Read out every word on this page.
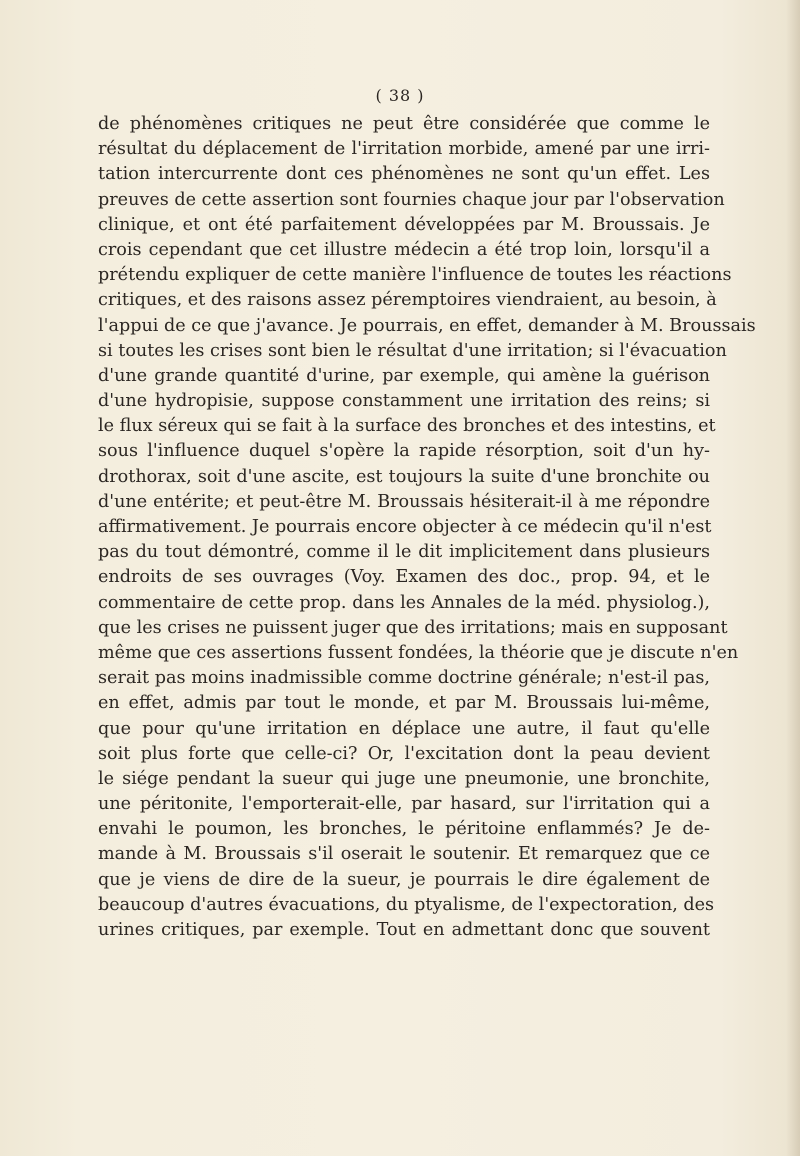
( 38 )
de phénomènes critiques ne peut être considérée que comme le
résultat du déplacement de l'irritation morbide, amené par une irri-
tation intercurrente dont ces phénomènes ne sont qu'un effet. Les
preuves de cette assertion sont fournies chaque jour par l'observation
clinique, et ont été parfaitement développées par M. Broussais. Je
crois cependant que cet illustre médecin a été trop loin, lorsqu'il a
prétendu expliquer de cette manière l'influence de toutes les réactions
critiques, et des raisons assez péremptoires viendraient, au besoin, à
l'appui de ce que j'avance. Je pourrais, en effet, demander à M. Broussais
si toutes les crises sont bien le résultat d'une irritation; si l'évacuation
d'une grande quantité d'urine, par exemple, qui amène la guérison
d'une hydropisie, suppose constamment une irritation des reins; si
le flux séreux qui se fait à la surface des bronches et des intestins, et
sous l'influence duquel s'opère la rapide résorption, soit d'un hy-
drothorax, soit d'une ascite, est toujours la suite d'une bronchite ou
d'une entérite; et peut-être M. Broussais hésiterait-il à me répondre
affirmativement. Je pourrais encore objecter à ce médecin qu'il n'est
pas du tout démontré, comme il le dit implicitement dans plusieurs
endroits de ses ouvrages (Voy. Examen des doc., prop. 94, et le
commentaire de cette prop. dans les Annales de la méd. physiolog.),
que les crises ne puissent juger que des irritations; mais en supposant
même que ces assertions fussent fondées, la théorie que je discute n'en
serait pas moins inadmissible comme doctrine générale; n'est-il pas,
en effet, admis par tout le monde, et par M. Broussais lui-même,
que pour qu'une irritation en déplace une autre, il faut qu'elle
soit plus forte que celle-ci? Or, l'excitation dont la peau devient
le siége pendant la sueur qui juge une pneumonie, une bronchite,
une péritonite, l'emporterait-elle, par hasard, sur l'irritation qui a
envahi le poumon, les bronches, le péritoine enflammés? Je de-
mande à M. Broussais s'il oserait le soutenir. Et remarquez que ce
que je viens de dire de la sueur, je pourrais le dire également de
beaucoup d'autres évacuations, du ptyalisme, de l'expectoration, des
urines critiques, par exemple. Tout en admettant donc que souvent
